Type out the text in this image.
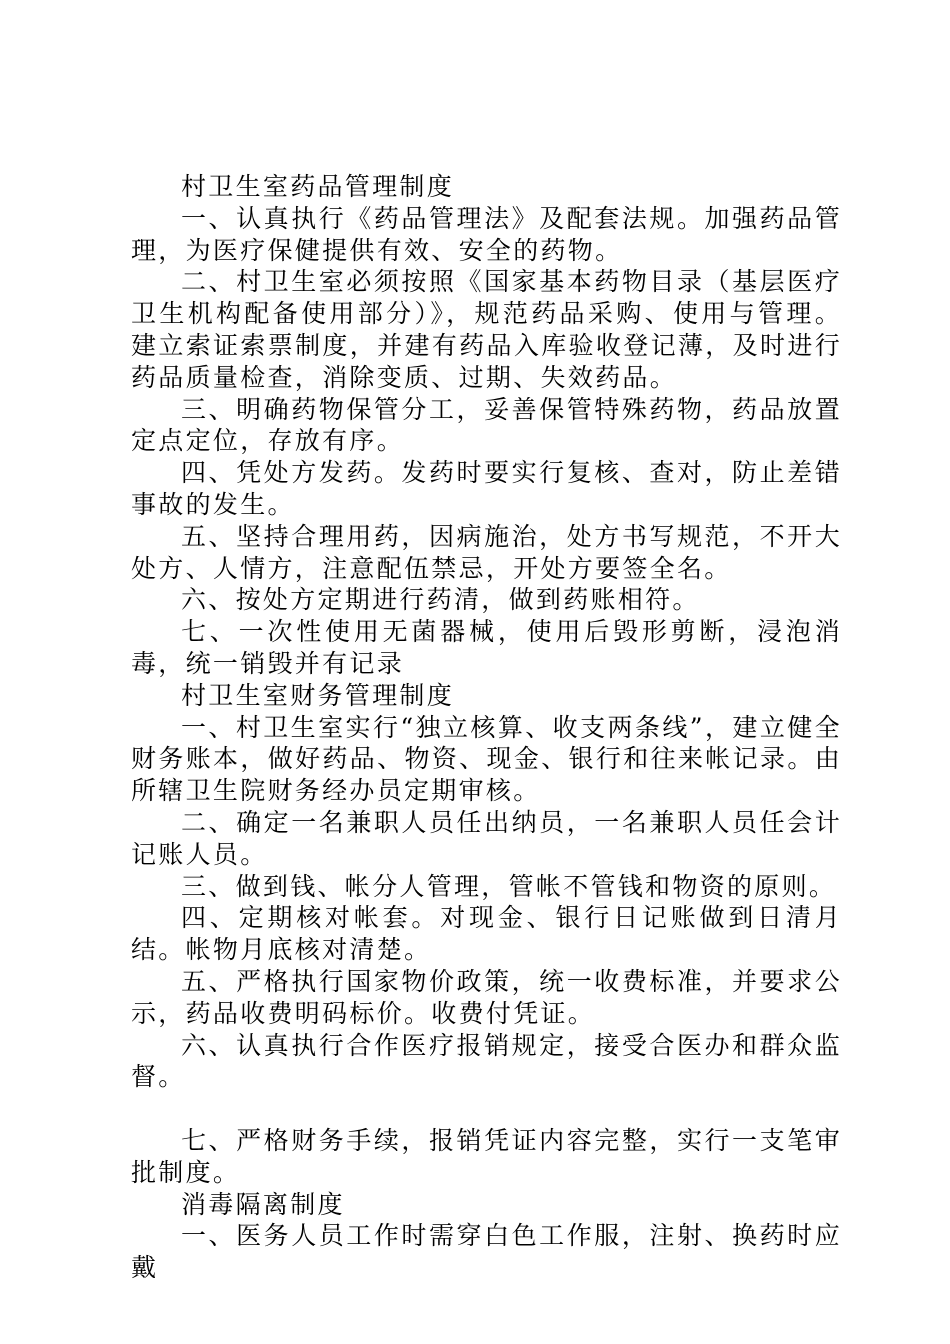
村卫生室药品管理制度

一、认真执行《药品管理法》及配套法规。加强药品管理，为医疗保健提供有效、安全的药物。

二、村卫生室必须按照《国家基本药物目录（基层医疗卫生机构配备使用部分）》，规范药品采购、使用与管理。建立索证索票制度，并建有药品入库验收登记薄，及时进行药品质量检查，消除变质、过期、失效药品。

三、明确药物保管分工，妥善保管特殊药物，药品放置定点定位，存放有序。

四、凭处方发药。发药时要实行复核、查对，防止差错事故的发生。

五、坚持合理用药，因病施治，处方书写规范，不开大处方、人情方，注意配伍禁忌，开处方要签全名。

六、按处方定期进行药清，做到药账相符。

七、一次性使用无菌器械，使用后毁形剪断，浸泡消毒，统一销毁并有记录

村卫生室财务管理制度

一、村卫生室实行“独立核算、收支两条线”，建立健全财务账本，做好药品、物资、现金、银行和往来帐记录。由所辖卫生院财务经办员定期审核。

二、确定一名兼职人员任出纳员，一名兼职人员任会计记账人员。

三、做到钱、帐分人管理，管帐不管钱和物资的原则。

四、定期核对帐套。对现金、银行日记账做到日清月结。帐物月底核对清楚。

五、严格执行国家物价政策，统一收费标准，并要求公示，药品收费明码标价。收费付凭证。

六、认真执行合作医疗报销规定，接受合医办和群众监督。

七、严格财务手续，报销凭证内容完整，实行一支笔审批制度。

消毒隔离制度

一、医务人员工作时需穿白色工作服，注射、换药时应戴
